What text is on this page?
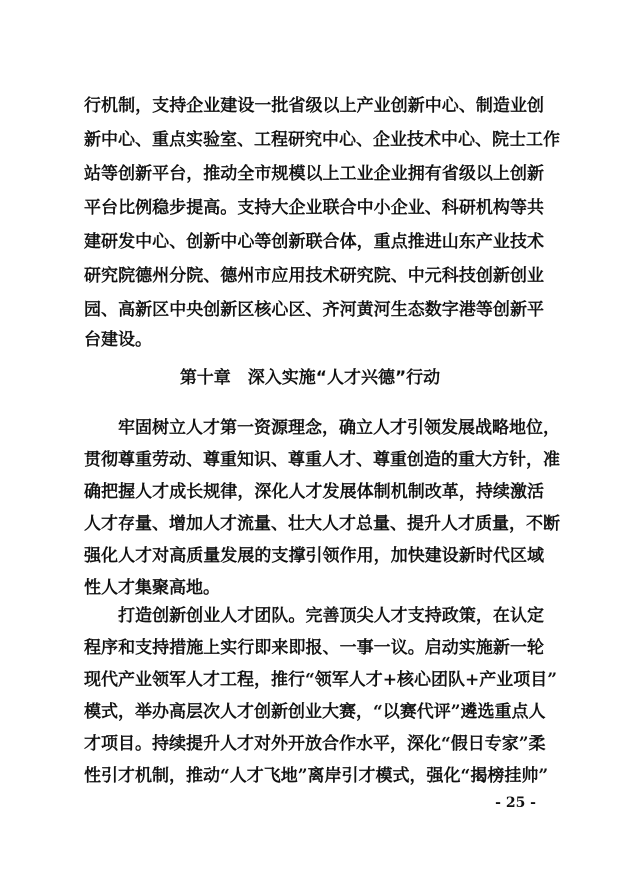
行机制，支持企业建设一批省级以上产业创新中心、制造业创
新中心、重点实验室、工程研究中心、企业技术中心、院士工作
站等创新平台，推动全市规模以上工业企业拥有省级以上创新
平台比例稳步提高。支持大企业联合中小企业、科研机构等共
建研发中心、创新中心等创新联合体，重点推进山东产业技术
研究院德州分院、德州市应用技术研究院、中元科技创新创业
园、高新区中央创新区核心区、齐河黄河生态数字港等创新平
台建设。
第十章　深入实施“人才兴德”行动
牢固树立人才第一资源理念，确立人才引领发展战略地位，
贯彻尊重劳动、尊重知识、尊重人才、尊重创造的重大方针，准
确把握人才成长规律，深化人才发展体制机制改革，持续激活
人才存量、增加人才流量、壮大人才总量、提升人才质量，不断
强化人才对高质量发展的支撑引领作用，加快建设新时代区域
性人才集聚高地。
打造创新创业人才团队。完善顶尖人才支持政策，在认定
程序和支持措施上实行即来即报、一事一议。启动实施新一轮
现代产业领军人才工程，推行“领军人才+核心团队+产业项目”
模式，举办高层次人才创新创业大赛，“以赛代评”遴选重点人
才项目。持续提升人才对外开放合作水平，深化“假日专家”柔
性引才机制，推动“人才飞地”离岸引才模式，强化“揭榜挂帅”
- 25 -
